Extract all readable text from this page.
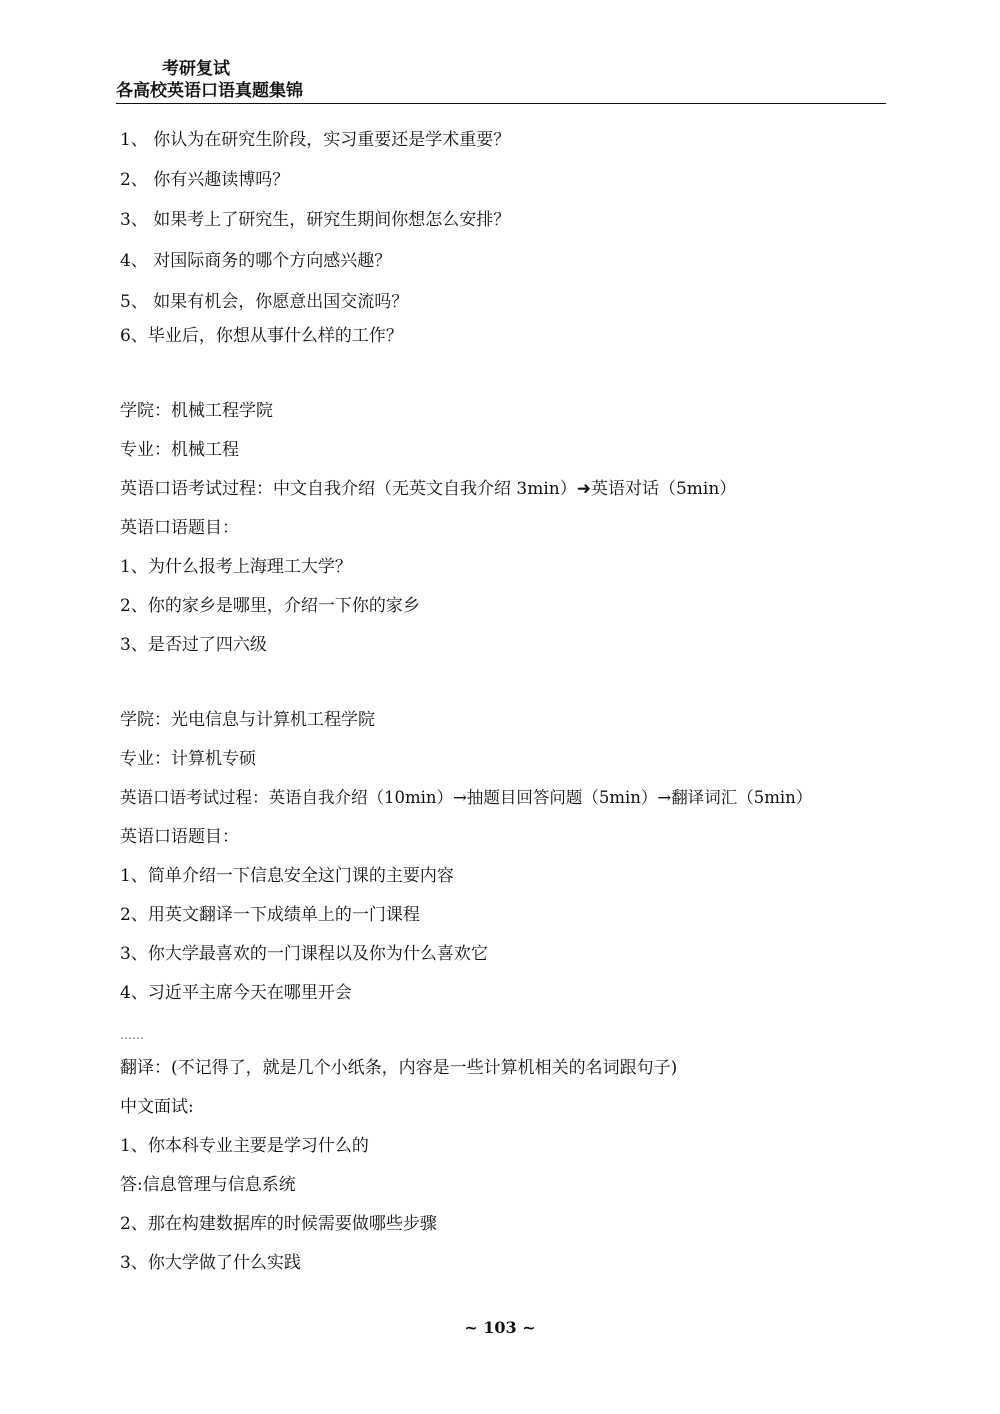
考研复试
各高校英语口语真题集锦
1、 你认为在研究生阶段，实习重要还是学术重要？
2、 你有兴趣读博吗？
3、 如果考上了研究生，研究生期间你想怎么安排？
4、 对国际商务的哪个方向感兴趣？
5、 如果有机会，你愿意出国交流吗？
6、毕业后，你想从事什么样的工作？
学院：机械工程学院
专业：机械工程
英语口语考试过程：中文自我介绍（无英文自我介绍 3min）➜英语对话（5min）
英语口语题目：
1、为什么报考上海理工大学？
2、你的家乡是哪里，介绍一下你的家乡
3、是否过了四六级
学院：光电信息与计算机工程学院
专业：计算机专硕
英语口语考试过程：英语自我介绍（10min）→抽题目回答问题（5min）→翻译词汇（5min）
英语口语题目：
1、简单介绍一下信息安全这门课的主要内容
2、用英文翻译一下成绩单上的一门课程
3、你大学最喜欢的一门课程以及你为什么喜欢它
4、习近平主席今天在哪里开会
……
翻译：(不记得了，就是几个小纸条，内容是一些计算机相关的名词跟句子)
中文面试:
1、你本科专业主要是学习什么的
答:信息管理与信息系统
2、那在构建数据库的时候需要做哪些步骤
3、你大学做了什么实践
~ 103 ~
